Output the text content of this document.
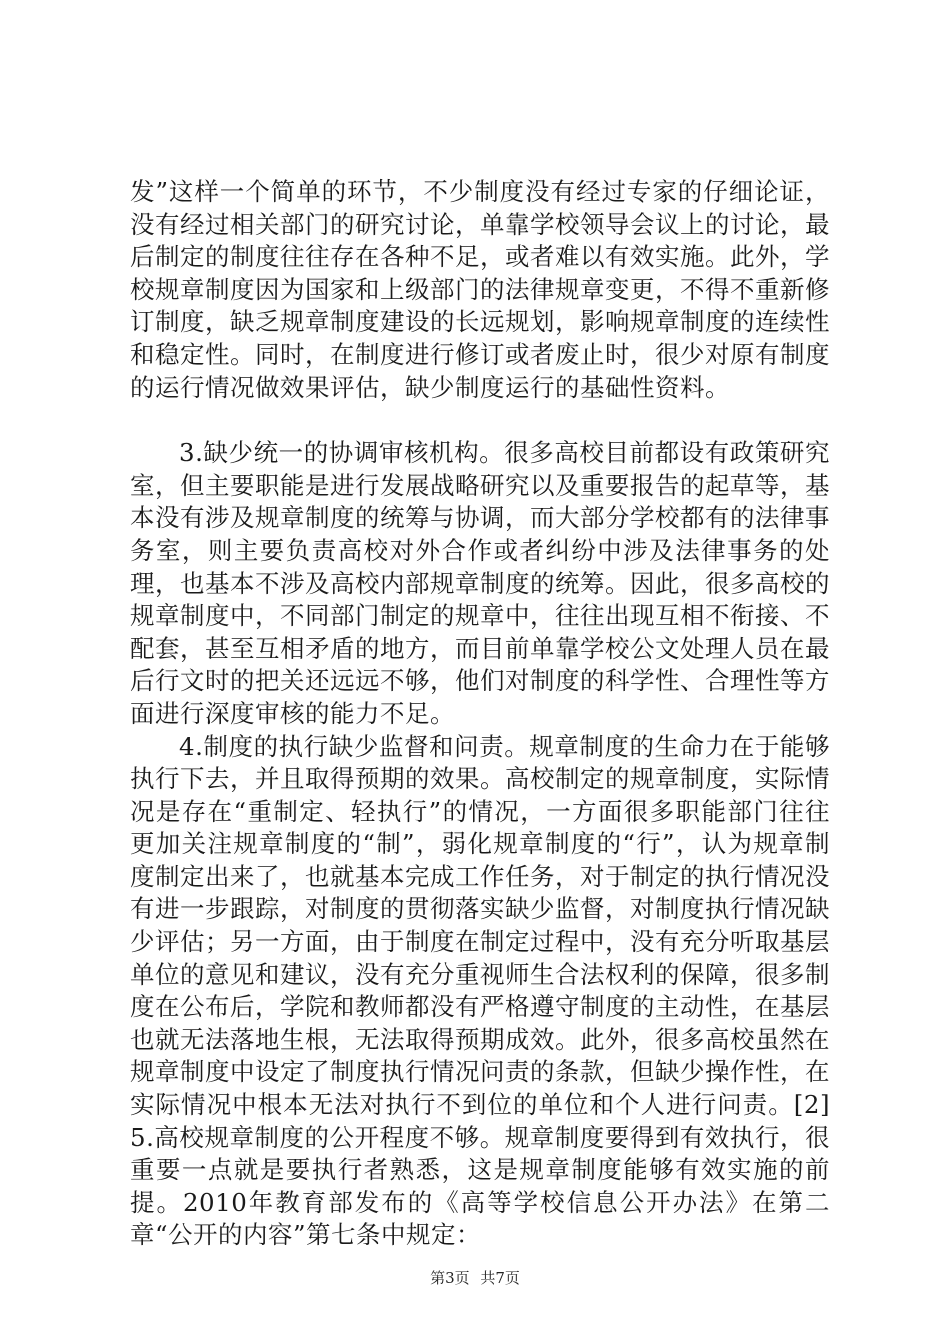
发”这样一个简单的环节，不少制度没有经过专家的仔细论证，没有经过相关部门的研究讨论，单靠学校领导会议上的讨论，最后制定的制度往往存在各种不足，或者难以有效实施。此外，学校规章制度因为国家和上级部门的法律规章变更，不得不重新修订制度，缺乏规章制度建设的长远规划，影响规章制度的连续性和稳定性。同时，在制度进行修订或者废止时，很少对原有制度的运行情况做效果评估，缺少制度运行的基础性资料。

3.缺少统一的协调审核机构。很多高校目前都设有政策研究室，但主要职能是进行发展战略研究以及重要报告的起草等，基本没有涉及规章制度的统筹与协调，而大部分学校都有的法律事务室，则主要负责高校对外合作或者纠纷中涉及法律事务的处理，也基本不涉及高校内部规章制度的统筹。因此，很多高校的规章制度中，不同部门制定的规章中，往往出现互相不衔接、不配套，甚至互相矛盾的地方，而目前单靠学校公文处理人员在最后行文时的把关还远远不够，他们对制度的科学性、合理性等方面进行深度审核的能力不足。

4.制度的执行缺少监督和问责。规章制度的生命力在于能够执行下去，并且取得预期的效果。高校制定的规章制度，实际情况是存在“重制定、轻执行”的情况，一方面很多职能部门往往更加关注规章制度的“制”，弱化规章制度的“行”，认为规章制度制定出来了，也就基本完成工作任务，对于制定的执行情况没有进一步跟踪，对制度的贯彻落实缺少监督，对制度执行情况缺少评估；另一方面，由于制度在制定过程中，没有充分听取基层单位的意见和建议，没有充分重视师生合法权利的保障，很多制度在公布后，学院和教师都没有严格遵守制度的主动性，在基层也就无法落地生根，无法取得预期成效。此外，很多高校虽然在规章制度中设定了制度执行情况问责的条款，但缺少操作性，在实际情况中根本无法对执行不到位的单位和个人进行问责。[2]5.高校规章制度的公开程度不够。规章制度要得到有效执行，很重要一点就是要执行者熟悉，这是规章制度能够有效实施的前提。2010年教育部发布的《高等学校信息公开办法》在第二章“公开的内容”第七条中规定：

第3页 共7页
